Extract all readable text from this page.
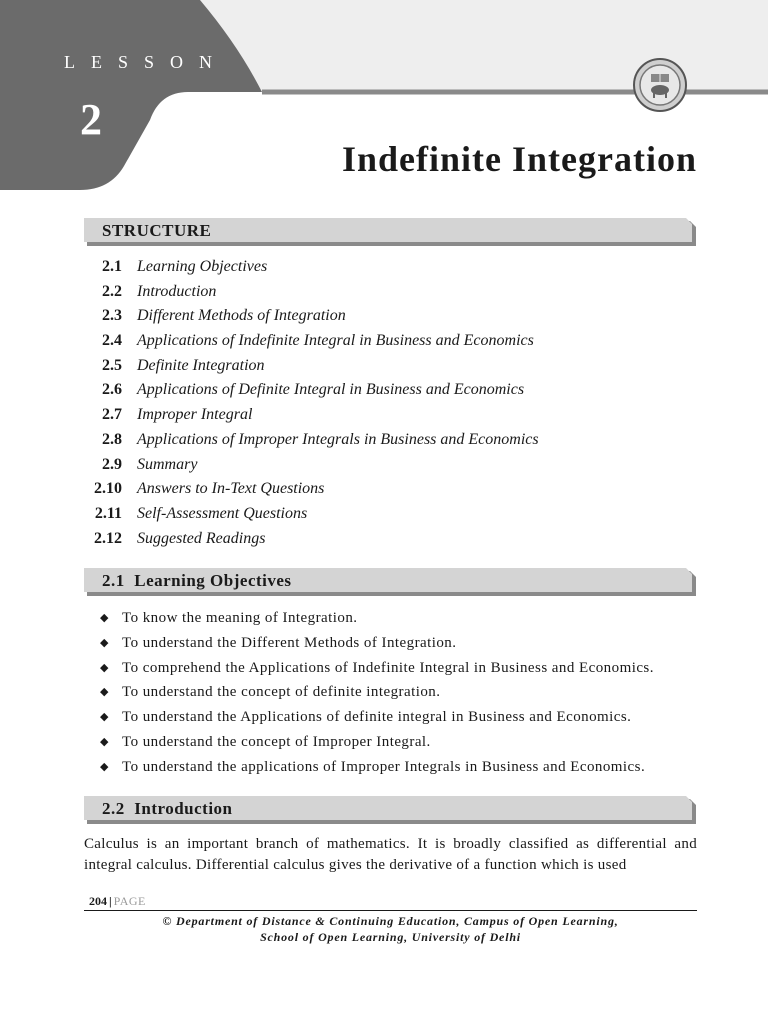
LESSON
2
Indefinite Integration
STRUCTURE
2.1 Learning Objectives
2.2 Introduction
2.3 Different Methods of Integration
2.4 Applications of Indefinite Integral in Business and Economics
2.5 Definite Integration
2.6 Applications of Definite Integral in Business and Economics
2.7 Improper Integral
2.8 Applications of Improper Integrals in Business and Economics
2.9 Summary
2.10 Answers to In-Text Questions
2.11 Self-Assessment Questions
2.12 Suggested Readings
2.1  Learning Objectives
◆ To know the meaning of Integration.
◆ To understand the Different Methods of Integration.
◆ To comprehend the Applications of Indefinite Integral in Business and Economics.
◆ To understand the concept of definite integration.
◆ To understand the Applications of definite integral in Business and Economics.
◆ To understand the concept of Improper Integral.
◆ To understand the applications of Improper Integrals in Business and Economics.
2.2  Introduction

Calculus is an important branch of mathematics. It is broadly classified as differential and integral calculus. Differential calculus gives the derivative of a function which is used

204 | PAGE
© Department of Distance & Continuing Education, Campus of Open Learning,
School of Open Learning, University of Delhi
